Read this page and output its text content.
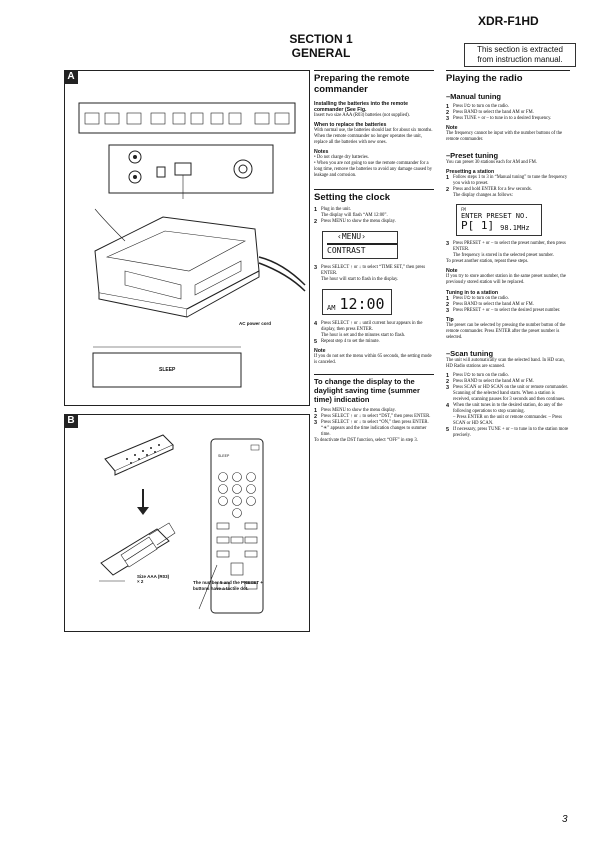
XDR-F1HD
SECTION 1
GENERAL	This section is extracted
from instruction manual.
A
AC power cord
SLEEP
B
SLEEP
Size AAA (R03)
× 2	The number 5 and the PRESET +
buttons have a tactile dot.
Preparing the remote commander
Installing the batteries into the remote commander (See Fig.
Insert two size AAA (R03) batteries (not supplied).
When to replace the batteries
With normal use, the batteries should last for about six months. When the remote commander no longer operates the unit, replace all the batteries with new ones.
Notes
• Do not charge dry batteries.
• When you are not going to use the remote commander for a long time, remove the batteries to avoid any damage caused by leakage and corrosion.
Setting the clock
1 Plug in the unit.
The display will flash “AM 12:00”.
2 Press MENU to show the menu display.
‹MENU›
CONTRAST
3 Press SELECT ↑ or ↓ to select “TIME SET,” then press ENTER.
The hour will start to flash in the display.
AM 12:00
4 Press SELECT ↑ or ↓ until current hour appears in the display, then press ENTER.
The hour is set and the minutes start to flash.
5 Repeat step 4 to set the minute.
Note
If you do not set the menu within 65 seconds, the setting mode is canceled.
To change the display to the daylight saving time (summer time) indication
1 Press MENU to show the menu display.
2 Press SELECT ↑ or ↓ to select “DST,” then press ENTER.
3 Press SELECT ↑ or ↓ to select “ON,” then press ENTER.
“☀” appears and the time indication changes to summer time.
To deactivate the DST function, select “OFF” in step 3.
Playing the radio
–Manual tuning
1 Press I/⏻ to turn on the radio.
2 Press BAND to select the band AM or FM.
3 Press TUNE + or – to tune in to a desired frequency.
Note
The frequency cannot be input with the number buttons of the remote commander.
–Preset tuning
You can preset 30 stations each for AM and FM.
Presetting a station
1 Follow steps 1 to 3 in “Manual tuning” to tune the frequency you wish to preset.
2 Press and hold ENTER for a few seconds.
The display changes as follows:
FM
ENTER PRESET NO.
P[ 1] 98.1MHz
3 Press PRESET + or – to select the preset number, then press ENTER.
The frequency is stored in the selected preset number.
To preset another station, repeat these steps.
Note
If you try to store another station in the same preset number, the previously stored station will be replaced.
Tuning in to a station
1 Press I/⏻ to turn on the radio.
2 Press BAND to select the band AM or FM.
3 Press PRESET + or – to select the desired preset number.
Tip
The preset can be selected by pressing the number button of the remote commander. Press ENTER after the preset number is selected.
–Scan tuning
The unit will automatically scan the selected band. In HD scan, HD Radio stations are scanned.
1 Press I/⏻ to turn on the radio.
2 Press BAND to select the band AM or FM.
3 Press SCAN or HD SCAN on the unit or remote commander.
Scanning of the selected band starts. When a station is received, scanning pauses for 3 seconds and then continues.
4 When the unit tunes in to the desired station, do any of the following operations to stop scanning.
– Press ENTER on the unit or remote commander. – Press SCAN or HD SCAN.
5 If necessary, press TUNE + or – to tune in to the station more precisely.
3
